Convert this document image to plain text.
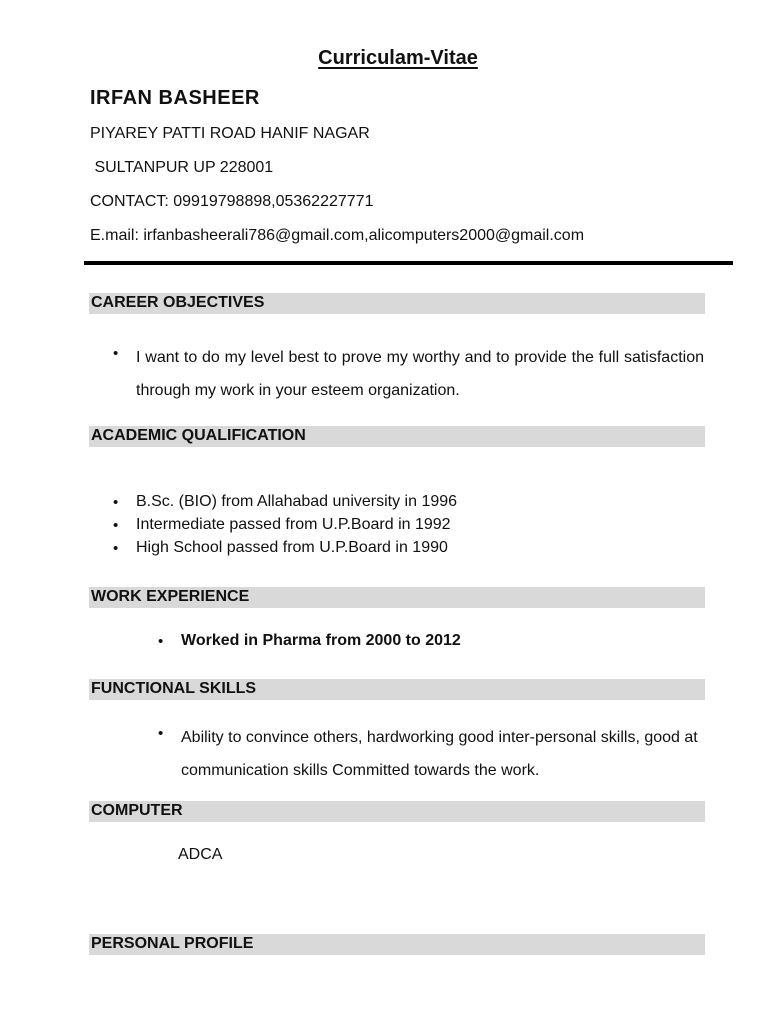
Curriculam-Vitae
IRFAN BASHEER
PIYAREY PATTI ROAD HANIF NAGAR
SULTANPUR UP 228001
CONTACT: 09919798898,05362227771
E.mail: irfanbasheerali786@gmail.com,alicomputers2000@gmail.com
CAREER OBJECTIVES
• I want to do my level best to prove my worthy and to provide the full satisfaction through my work in your esteem organization.
ACADEMIC QUALIFICATION
• B.Sc. (BIO) from Allahabad university in 1996
• Intermediate passed from U.P.Board in 1992
• High School passed from U.P.Board in 1990
WORK EXPERIENCE
• Worked in Pharma from 2000 to 2012
FUNCTIONAL SKILLS
• Ability to convince others, hardworking good inter-personal skills, good at communication skills Committed towards the work.
COMPUTER
ADCA
PERSONAL PROFILE
